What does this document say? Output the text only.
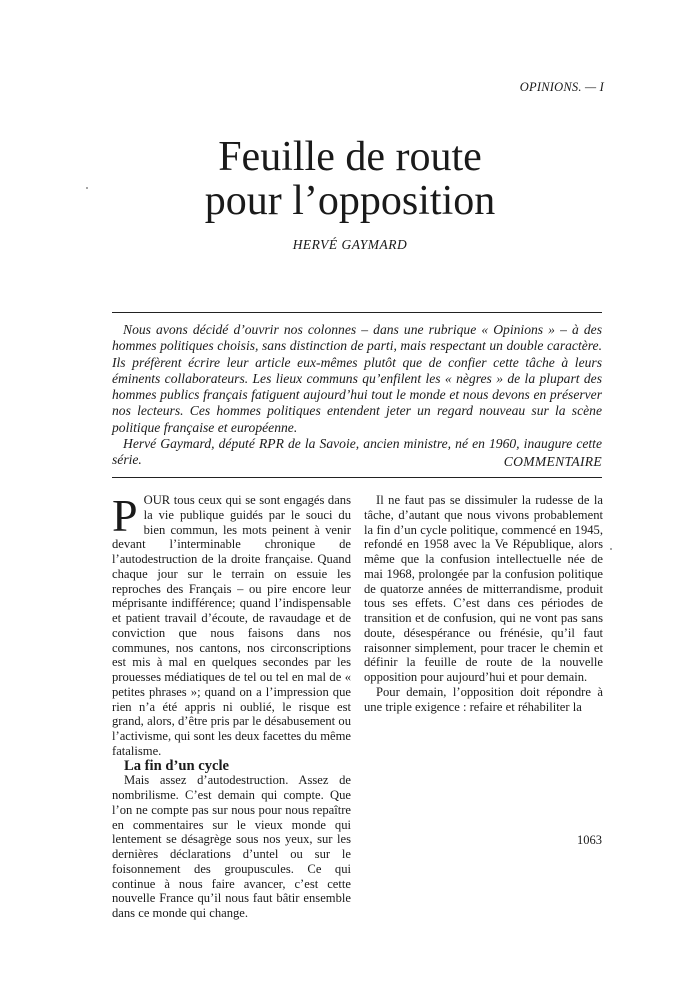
OPINIONS. — I
Feuille de route
pour l’opposition
HERVÉ GAYMARD

Nous avons décidé d’ouvrir nos colonnes – dans une rubrique « Opinions » – à des hommes politiques choisis, sans distinction de parti, mais respectant un double caractère. Ils préfèrent écrire leur article eux-mêmes plutôt que de confier cette tâche à leurs éminents collaborateurs. Les lieux communs qu’enfilent les « nègres » de la plupart des hommes publics français fatiguent aujourd’hui tout le monde et nous devons en préserver nos lecteurs. Ces hommes politiques entendent jeter un regard nouveau sur la scène politique française et européenne.

Hervé Gaymard, député RPR de la Savoie, ancien ministre, né en 1960, inaugure cette série.	COMMENTAIRE

POUR tous ceux qui se sont engagés dans la vie publique guidés par le souci du bien commun, les mots peinent à venir devant l’interminable chronique de l’autodestruction de la droite française. Quand chaque jour sur le terrain on essuie les reproches des Français – ou pire encore leur méprisante indifférence; quand l’indispensable et patient travail d’écoute, de ravaudage et de conviction que nous faisons dans nos communes, nos cantons, nos circonscriptions est mis à mal en quelques secondes par les prouesses médiatiques de tel ou tel en mal de « petites phrases »; quand on a l’impression que rien n’a été appris ni oublié, le risque est grand, alors, d’être pris par le désabusement ou l’activisme, qui sont les deux facettes du même fatalisme.

La fin d’un cycle

Mais assez d’autodestruction. Assez de nombrilisme. C’est demain qui compte. Que l’on ne compte pas sur nous pour nous repaître en commentaires sur le vieux monde qui lentement se désagrège sous nos yeux, sur les dernières déclarations d’untel ou sur le foisonnement des groupuscules. Ce qui continue à nous faire avancer, c’est cette nouvelle France qu’il nous faut bâtir ensemble dans ce monde qui change.

Il ne faut pas se dissimuler la rudesse de la tâche, d’autant que nous vivons probablement la fin d’un cycle politique, commencé en 1945, refondé en 1958 avec la Ve République, alors même que la confusion intellectuelle née de mai 1968, prolongée par la confusion politique de quatorze années de mitterrandisme, produit tous ses effets. C’est dans ces périodes de transition et de confusion, qui ne vont pas sans doute, désespérance ou frénésie, qu’il faut raisonner simplement, pour tracer le chemin et définir la feuille de route de la nouvelle opposition pour aujourd’hui et pour demain.

Pour demain, l’opposition doit répondre à une triple exigence : refaire et réhabiliter la

1063
